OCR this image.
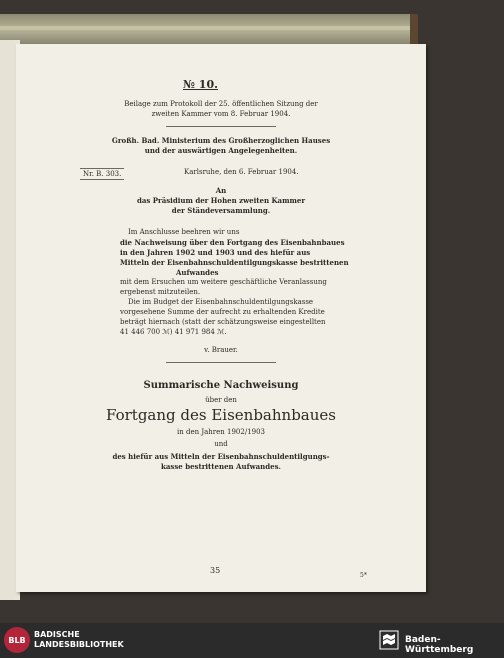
№ 10.
Beilage zum Protokoll der 25. öffentlichen Sitzung der
zweiten Kammer vom 8. Februar 1904.
Großh. Bad. Ministerium des Großherzoglichen Hauses
und der auswärtigen Angelegenheiten.
Nr. B. 303.	Karlsruhe, den 6. Februar 1904.
An
das Präsidium der Hohen zweiten Kammer
der Ständeversammlung.
Im Anschlusse beehren wir uns
die Nachweisung über den Fortgang des Eisenbahnbaues
in den Jahren 1902 und 1903 und des hiefür aus
Mitteln der Eisenbahnschuldentilgungskasse bestrittenen
Aufwandes
mit dem Ersuchen um weitere geschäftliche Veranlassung
ergebenst mitzuteilen.
Die im Budget der Eisenbahnschuldentilgungskasse
vorgesehene Summe der aufrecht zu erhaltenden Kredite
beträgt hiernach (statt der schätzungsweise eingestellten
41 446 700 ℳ) 41 971 984 ℳ.
v. Brauer.
Summarische Nachweisung
über den
Fortgang des Eisenbahnbaues
in den Jahren 1902/1903
und
des hiefür aus Mitteln der Eisenbahnschuldentilgungs-
kasse bestrittenen Aufwandes.
35
5*
BLB
BADISCHE
LANDESBIBLIOTHEK	Baden-Württemberg
